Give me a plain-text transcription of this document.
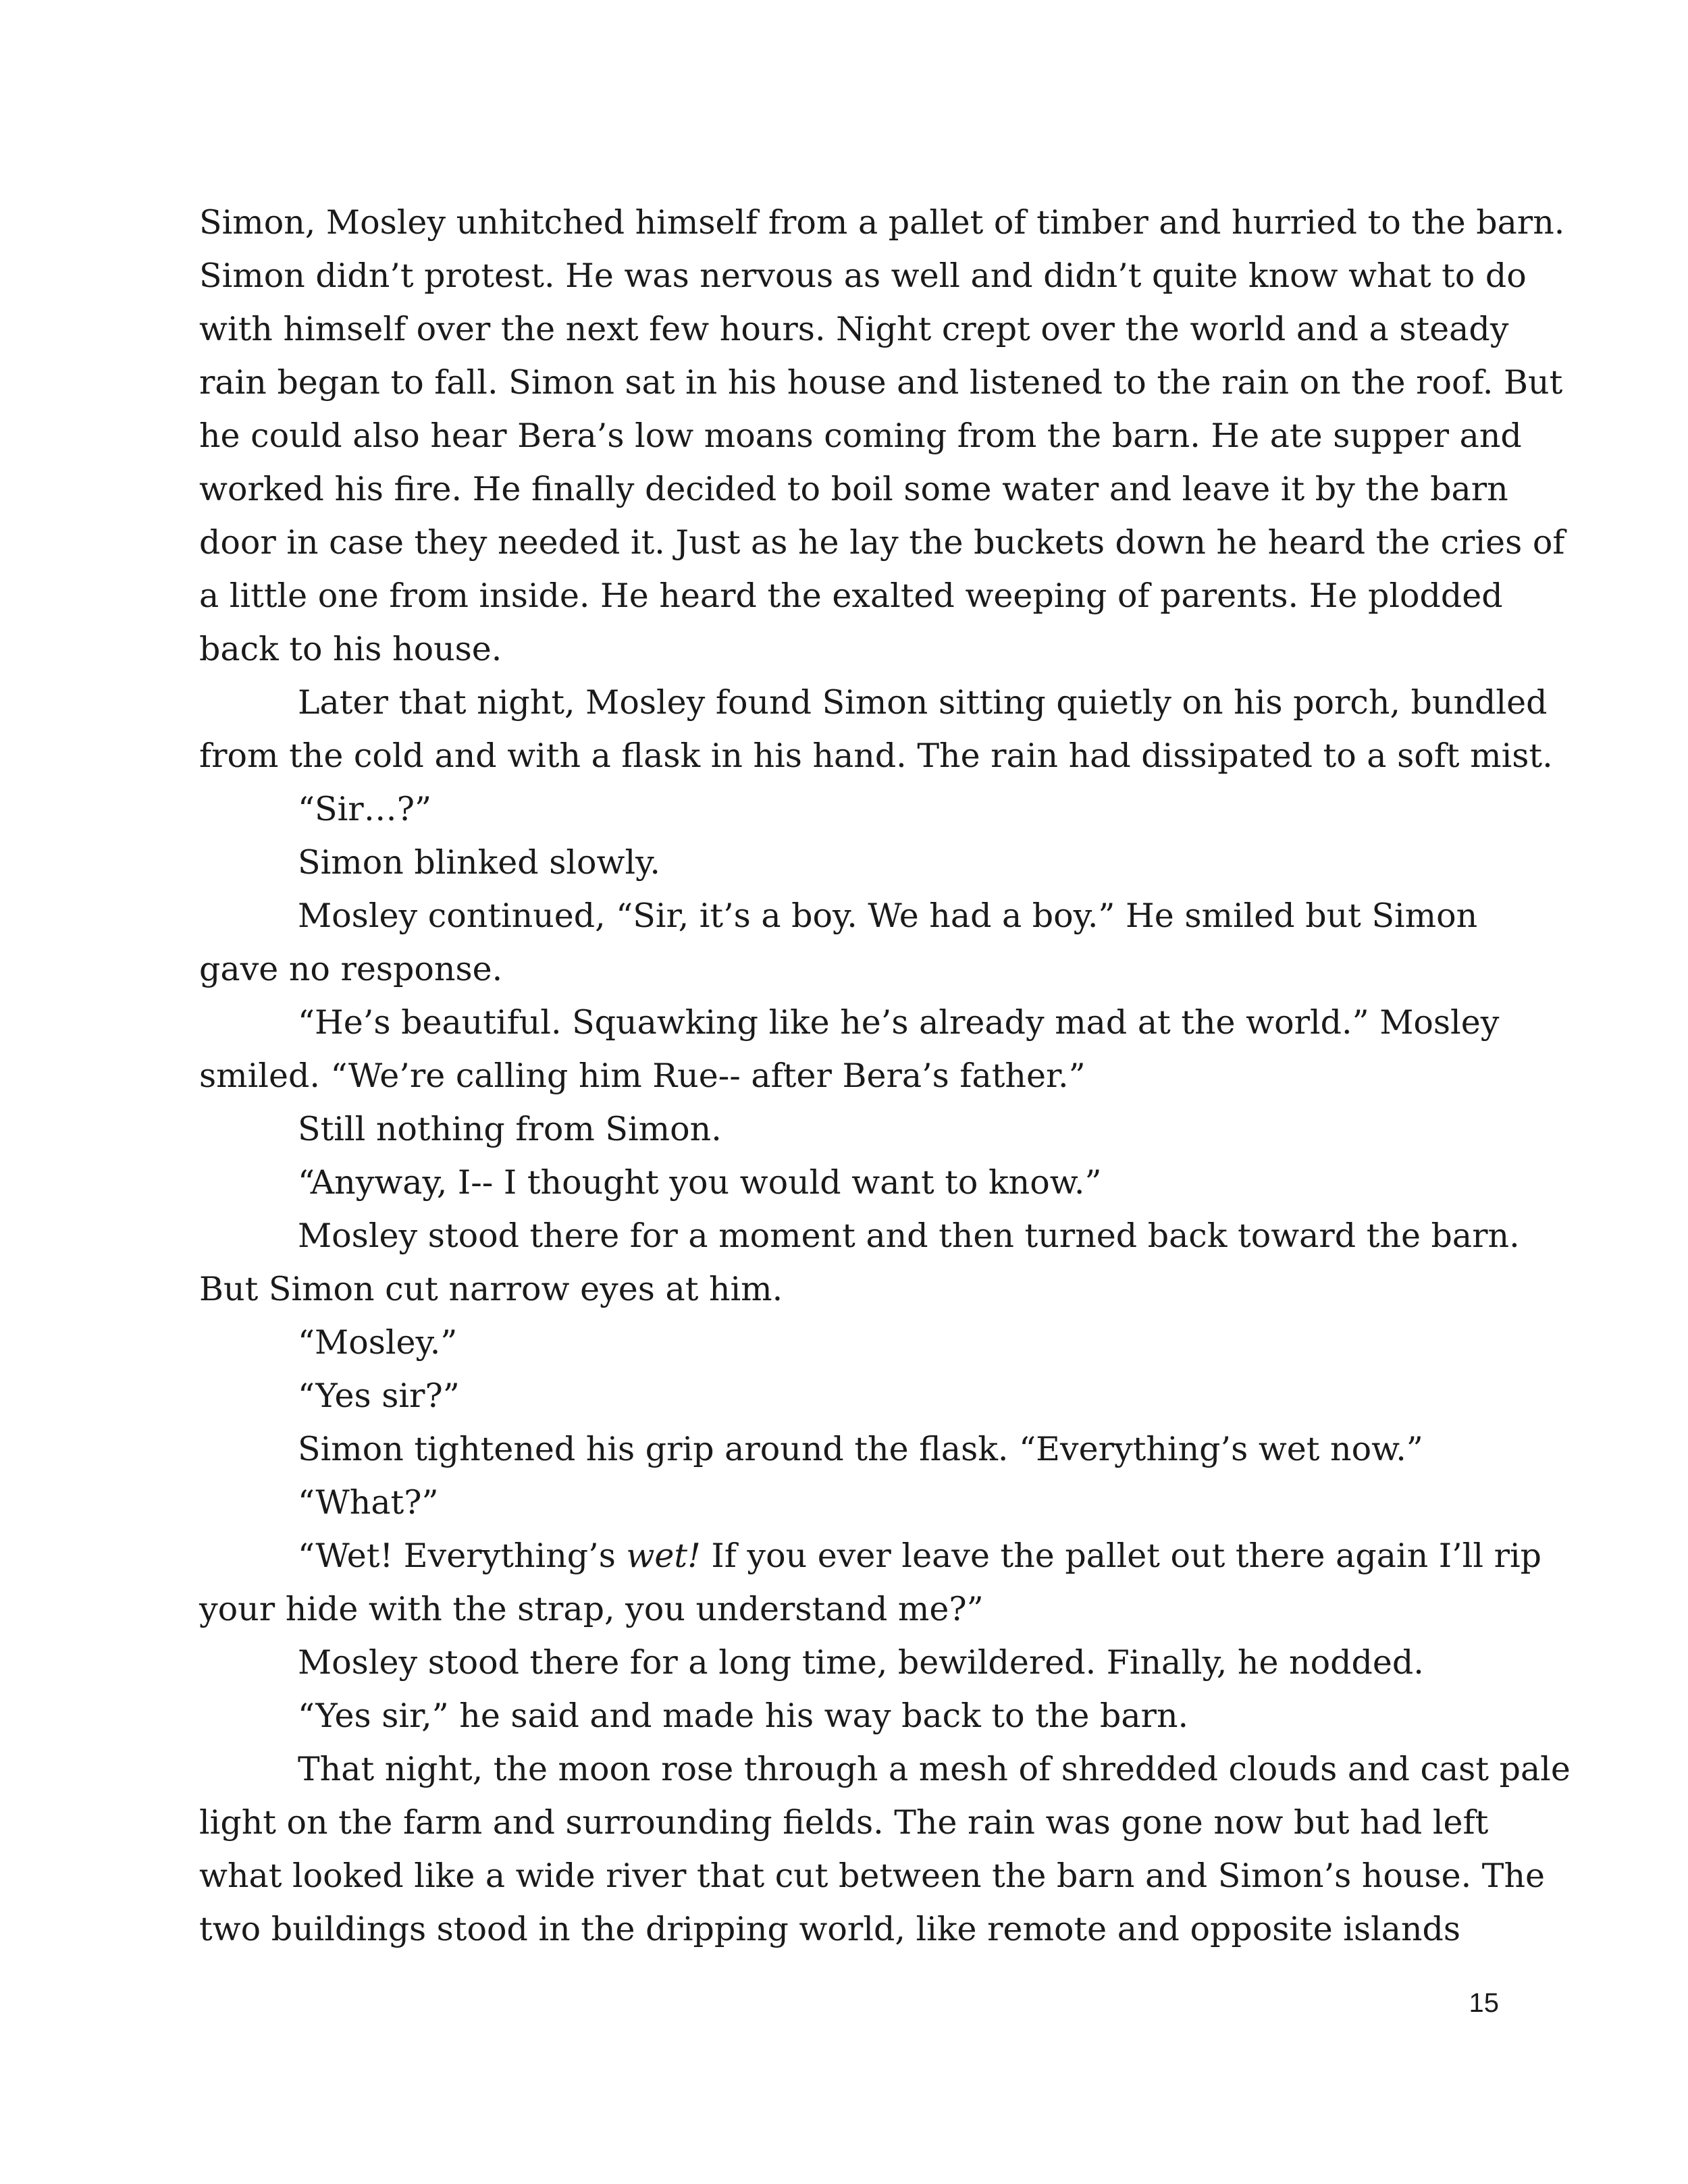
Simon, Mosley unhitched himself from a pallet of timber and hurried to the barn.
Simon didn’t protest. He was nervous as well and didn’t quite know what to do
with himself over the next few hours. Night crept over the world and a steady
rain began to fall. Simon sat in his house and listened to the rain on the roof. But
he could also hear Bera’s low moans coming from the barn. He ate supper and
worked his fire. He finally decided to boil some water and leave it by the barn
door in case they needed it. Just as he lay the buckets down he heard the cries of
a little one from inside. He heard the exalted weeping of parents. He plodded
back to his house.
Later that night, Mosley found Simon sitting quietly on his porch, bundled
from the cold and with a flask in his hand. The rain had dissipated to a soft mist.
“Sir…?”
Simon blinked slowly.
Mosley continued, “Sir, it’s a boy. We had a boy.” He smiled but Simon
gave no response.
“He’s beautiful. Squawking like he’s already mad at the world.” Mosley
smiled. “We’re calling him Rue-- after Bera’s father.”
Still nothing from Simon.
“Anyway, I-- I thought you would want to know.”
Mosley stood there for a moment and then turned back toward the barn.
But Simon cut narrow eyes at him.
“Mosley.”
“Yes sir?”
Simon tightened his grip around the flask. “Everything’s wet now.”
“What?”
“Wet! Everything’s wet! If you ever leave the pallet out there again I’ll rip
your hide with the strap, you understand me?”
Mosley stood there for a long time, bewildered. Finally, he nodded.
“Yes sir,” he said and made his way back to the barn.
That night, the moon rose through a mesh of shredded clouds and cast pale
light on the farm and surrounding fields. The rain was gone now but had left
what looked like a wide river that cut between the barn and Simon’s house. The
two buildings stood in the dripping world, like remote and opposite islands
15
